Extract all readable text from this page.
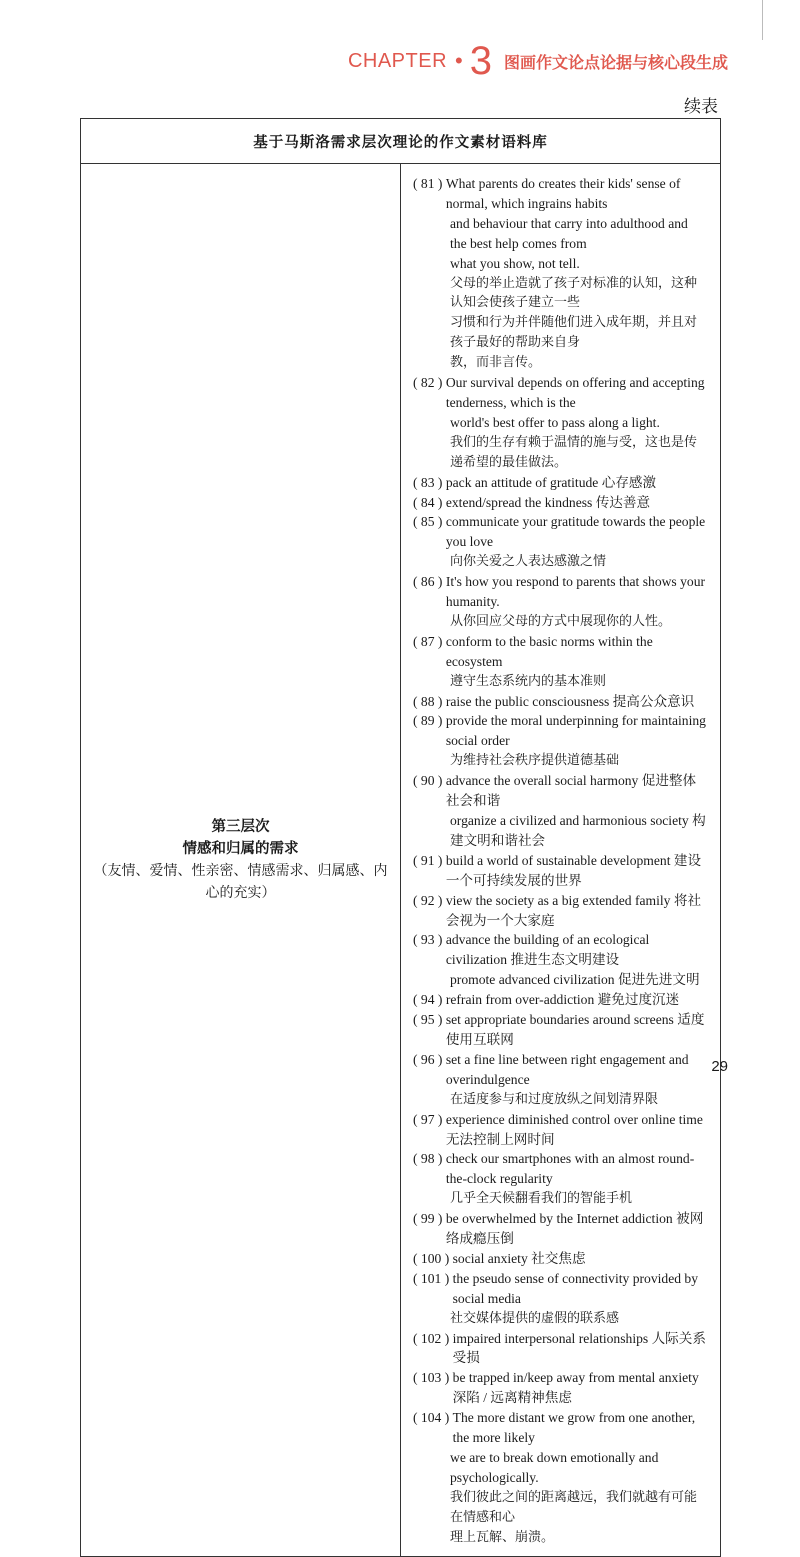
CHAPTER • 3 图画作文论点论据与核心段生成
续表
基于马斯洛需求层次理论的作文素材语料库

第三层次
情感和归属的需求
（友情、爱情、性亲密、情感需求、归属感、内心的充实）

( 81 ) What parents do creates their kids' sense of normal, which ingrains habits
and behaviour that carry into adulthood and the best help comes from
what you show, not tell.
父母的举止造就了孩子对标准的认知，这种认知会使孩子建立一些
习惯和行为并伴随他们进入成年期，并且对孩子最好的帮助来自身
教，而非言传。
( 82 ) Our survival depends on offering and accepting tenderness, which is the
world's best offer to pass along a light.
我们的生存有赖于温情的施与受，这也是传递希望的最佳做法。
( 83 ) pack an attitude of gratitude 心存感激
( 84 ) extend/spread the kindness 传达善意
( 85 ) communicate your gratitude towards the people you love
向你关爱之人表达感激之情
( 86 ) It's how you respond to parents that shows your humanity.
从你回应父母的方式中展现你的人性。
( 87 ) conform to the basic norms within the ecosystem
遵守生态系统内的基本准则
( 88 ) raise the public consciousness 提高公众意识
( 89 ) provide the moral underpinning for maintaining social order
为维持社会秩序提供道德基础
( 90 ) advance the overall social harmony 促进整体社会和谐
organize a civilized and harmonious society 构建文明和谐社会
( 91 ) build a world of sustainable development 建设一个可持续发展的世界
( 92 ) view the society as a big extended family 将社会视为一个大家庭
( 93 ) advance the building of an ecological civilization 推进生态文明建设
promote advanced civilization 促进先进文明
( 94 ) refrain from over-addiction 避免过度沉迷
( 95 ) set appropriate boundaries around screens 适度使用互联网
( 96 ) set a fine line between right engagement and overindulgence
在适度参与和过度放纵之间划清界限
( 97 ) experience diminished control over online time 无法控制上网时间
( 98 ) check our smartphones with an almost round-the-clock regularity
几乎全天候翻看我们的智能手机
( 99 ) be overwhelmed by the Internet addiction 被网络成瘾压倒
( 100 ) social anxiety 社交焦虑
( 101 ) the pseudo sense of connectivity provided by social media
社交媒体提供的虚假的联系感
( 102 ) impaired interpersonal relationships 人际关系受损
( 103 ) be trapped in/keep away from mental anxiety 深陷 / 远离精神焦虑
( 104 ) The more distant we grow from one another, the more likely
we are to break down emotionally and psychologically.
我们彼此之间的距离越远，我们就越有可能在情感和心
理上瓦解、崩溃。
29
